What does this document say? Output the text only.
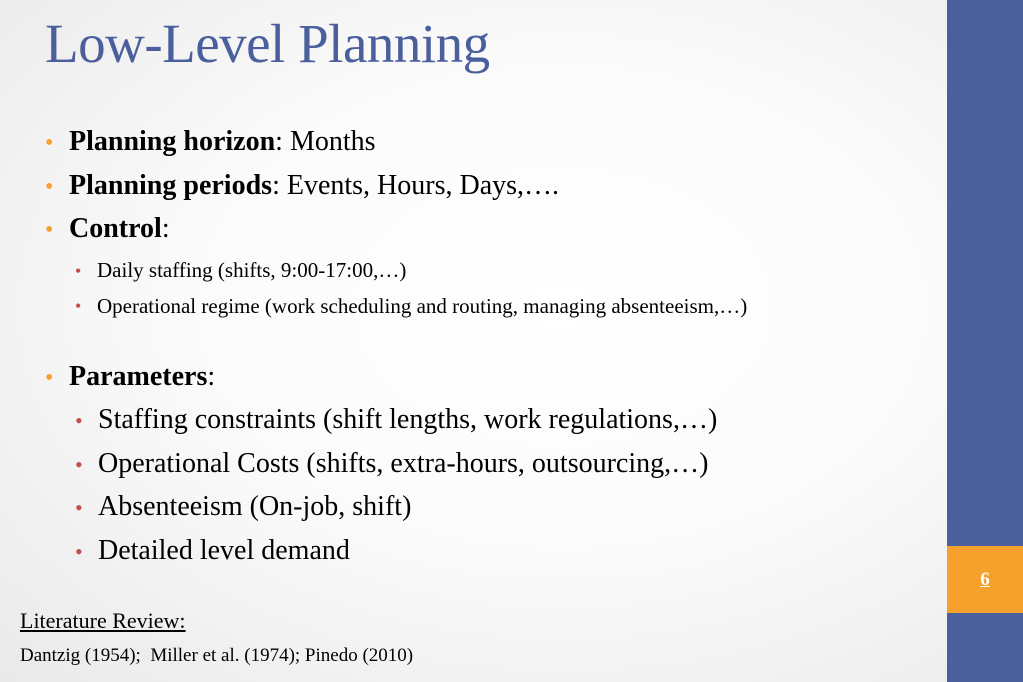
6
Low-Level Planning
• Planning horizon: Months
• Planning periods: Events, Hours, Days,….
• Control:
• Daily staffing (shifts, 9:00-17:00,…)
• Operational regime (work scheduling and routing, managing absenteeism,…)
• Parameters:
• Staffing constraints (shift lengths, work regulations,…)
• Operational Costs (shifts, extra-hours, outsourcing,…)
• Absenteeism (On-job, shift)
• Detailed level demand
Literature Review:
Dantzig (1954);  Miller et al. (1974); Pinedo (2010)
